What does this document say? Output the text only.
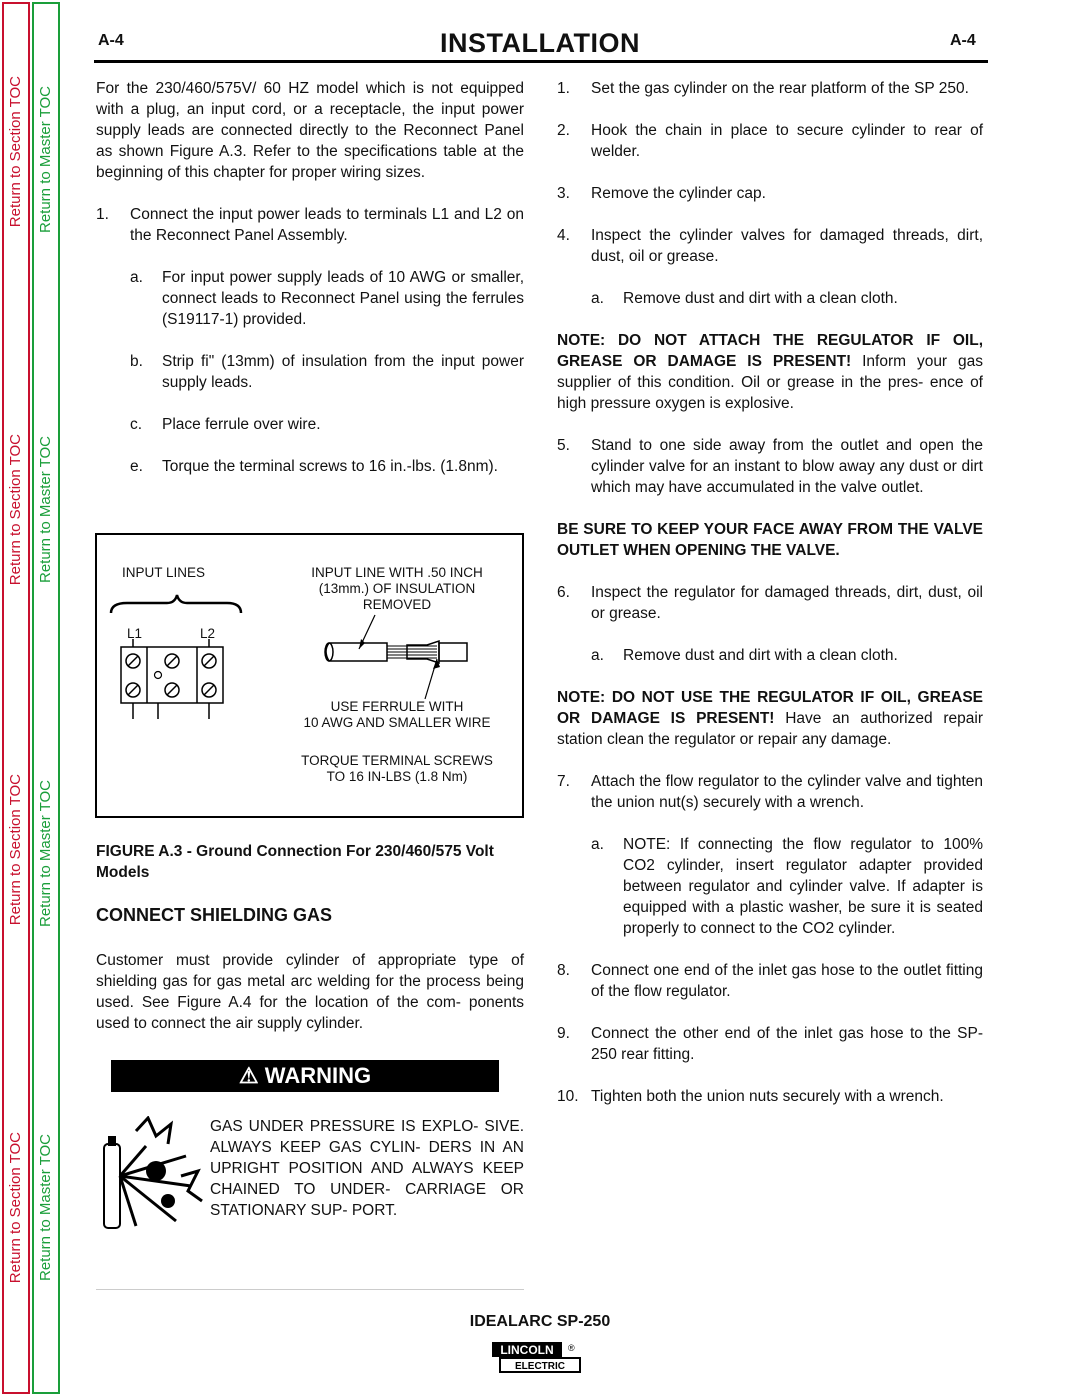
Return to Section TOC
Return to Section TOC
Return to Section TOC
Return to Section TOC
Return to Master TOC
Return to Master TOC
Return to Master TOC
Return to Master TOC
A-4	INSTALLATION	A-4

For the 230/460/575V/ 60 HZ model which is not equipped with a plug, an input cord, or a receptacle, the input power supply leads are connected directly to the Reconnect Panel as shown Figure A.3. Refer to the specifications table at the beginning of this chapter for proper wiring sizes.

1. Connect the input power leads to terminals L1 and L2 on the Reconnect Panel Assembly.
a. For input power supply leads of 10 AWG or smaller, connect leads to Reconnect Panel using the ferrules (S19117-1) provided.
b. Strip fi" (13mm) of insulation from the input power supply leads.
c. Place ferrule over wire.
e. Torque the terminal screws to 16 in.-lbs. (1.8nm).
INPUT LINES
L1	L2
INPUT LINE WITH .50 INCH
(13mm.) OF INSULATION
REMOVED
USE FERRULE WITH
10 AWG AND SMALLER WIRE
TORQUE TERMINAL SCREWS
TO 16 IN-LBS (1.8 Nm)
FIGURE A.3 - Ground Connection For 230/460/575 Volt Models
CONNECT SHIELDING GAS

Customer must provide cylinder of appropriate type of shielding gas for gas metal arc welding for the process being used. See Figure A.4 for the location of the com- ponents used to connect the air supply cylinder.

⚠ WARNING
GAS UNDER PRESSURE IS EXPLO- SIVE. ALWAYS KEEP GAS CYLIN- DERS IN AN UPRIGHT POSITION AND ALWAYS KEEP CHAINED TO UNDER- CARRIAGE OR STATIONARY SUP- PORT.
1. Set the gas cylinder on the rear platform of the SP 250.
2. Hook the chain in place to secure cylinder to rear of welder.
3. Remove the cylinder cap.
4. Inspect the cylinder valves for damaged threads, dirt, dust, oil or grease.
a. Remove dust and dirt with a clean cloth.

NOTE: DO NOT ATTACH THE REGULATOR IF OIL, GREASE OR DAMAGE IS PRESENT! Inform your gas supplier of this condition. Oil or grease in the pres- ence of high pressure oxygen is explosive.

5. Stand to one side away from the outlet and open the cylinder valve for an instant to blow away any dust or dirt which may have accumulated in the valve outlet.

BE SURE TO KEEP YOUR FACE AWAY FROM THE VALVE OUTLET WHEN OPENING THE VALVE.

6. Inspect the regulator for damaged threads, dirt, dust, oil or grease.
a. Remove dust and dirt with a clean cloth.

NOTE: DO NOT USE THE REGULATOR IF OIL, GREASE OR DAMAGE IS PRESENT! Have an authorized repair station clean the regulator or repair any damage.

7. Attach the flow regulator to the cylinder valve and tighten the union nut(s) securely with a wrench.
a. NOTE: If connecting the flow regulator to 100% CO2 cylinder, insert regulator adapter provided between regulator and cylinder valve. If adapter is equipped with a plastic washer, be sure it is seated properly to connect to the CO2 cylinder.
8. Connect one end of the inlet gas hose to the outlet fitting of the flow regulator.
9. Connect the other end of the inlet gas hose to the SP-250 rear fitting.
10. Tighten both the union nuts securely with a wrench.
IDEALARC SP-250
LINCOLN ®
ELECTRIC
